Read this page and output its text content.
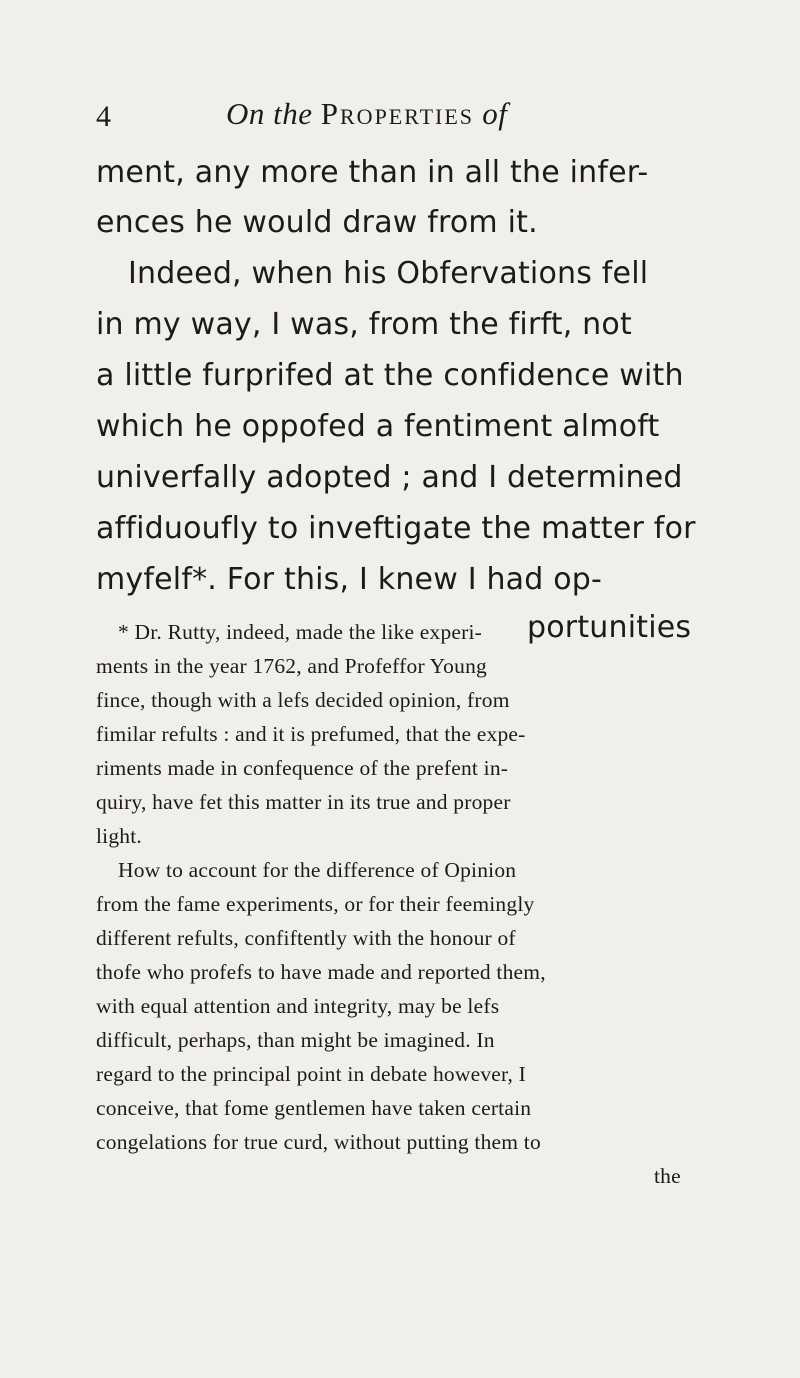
4	On the Properties of
ment, any more than in all the infer-
ences he would draw from it.
Indeed, when his Obfervations fell
in my way, I was, from the firft, not
a little furprifed at the confidence with
which he oppofed a fentiment almoft
univerfally adopted ; and I determined
affiduoufly to inveftigate the matter for
myfelf*. For this, I knew I had op-
portunities
* Dr. Rutty, indeed, made the like experi-
ments in the year 1762, and Profeffor Young
fince, though with a lefs decided opinion, from
fimilar refults : and it is prefumed, that the expe-
riments made in confequence of the prefent in-
quiry, have fet this matter in its true and proper
light.
How to account for the difference of Opinion
from the fame experiments, or for their feemingly
different refults, confiftently with the honour of
thofe who profefs to have made and reported them,
with equal attention and integrity, may be lefs
difficult, perhaps, than might be imagined. In
regard to the principal point in debate however, I
conceive, that fome gentlemen have taken certain
congelations for true curd, without putting them to
the
